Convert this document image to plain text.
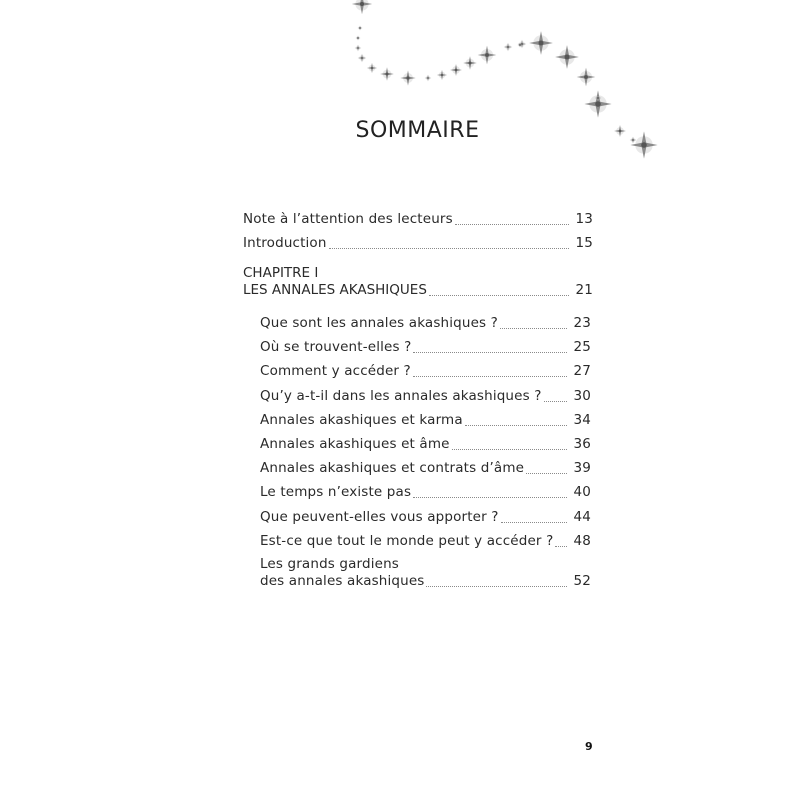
SOMMAIRE
Note à l’attention des lecteurs	13
Introduction	15
CHAPITRE I
LES ANNALES AKASHIQUES	21
Que sont les annales akashiques ?	23
Où se trouvent-elles ?	25
Comment y accéder ?	27
Qu’y a-t-il dans les annales akashiques ? 30
Annales akashiques et karma	34
Annales akashiques et âme	36
Annales akashiques et contrats d’âme	39
Le temps n’existe pas	40
Que peuvent-elles vous apporter ?	44
Est-ce que tout le monde peut y accéder ? 48
Les grands gardiens
des annales akashiques	52
9
